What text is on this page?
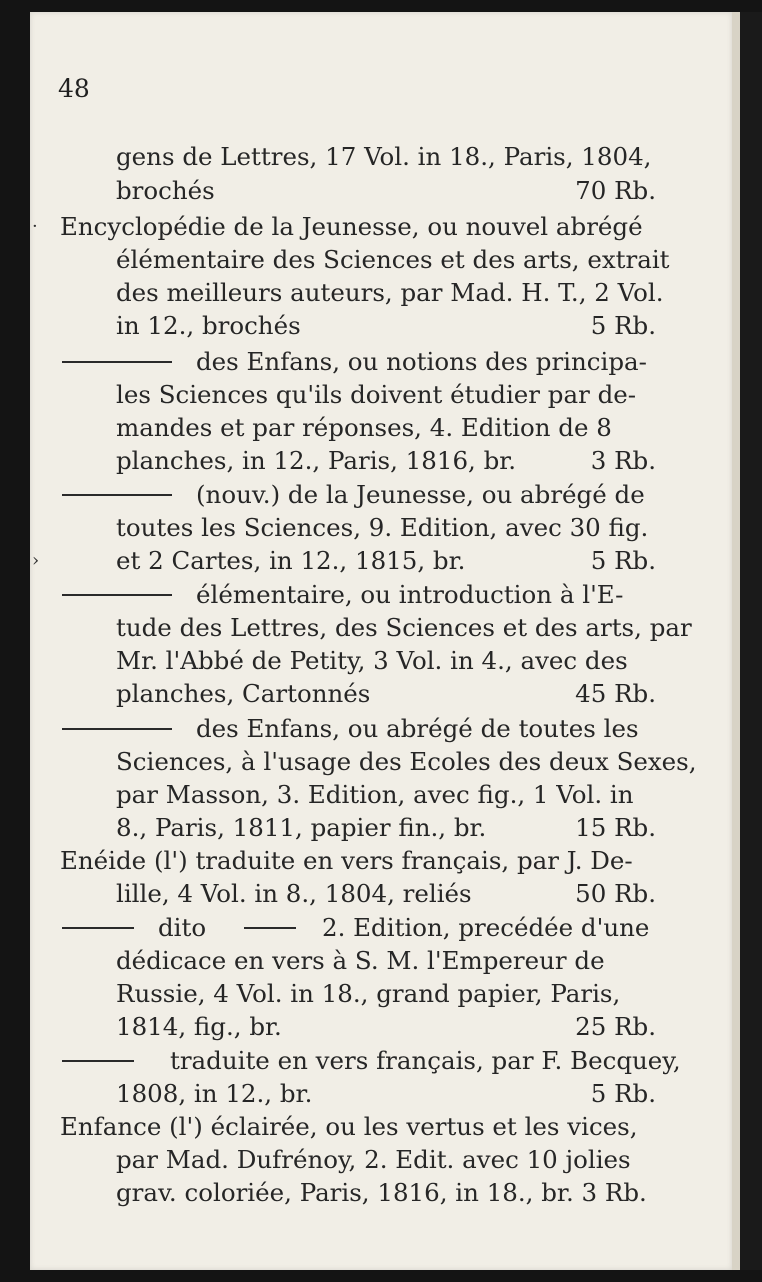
48
gens de Lettres, 17 Vol. in 18., Paris, 1804,
brochés	70 Rb.
· Encyclopédie de la Jeunesse, ou nouvel abrégé
élémentaire des Sciences et des arts, extrait
des meilleurs auteurs, par Mad. H. T., 2 Vol.
in 12., brochés	5 Rb.
des Enfans, ou notions des principa-
les Sciences qu'ils doivent étudier par de-
mandes et par réponses, 4. Edition de 8
planches, in 12., Paris, 1816, br.	3 Rb.
(nouv.) de la Jeunesse, ou abrégé de
toutes les Sciences, 9. Edition, avec 30 fig.
›	et 2 Cartes, in 12., 1815, br.	5 Rb.
élémentaire, ou introduction à l'E-
tude des Lettres, des Sciences et des arts, par
Mr. l'Abbé de Petity, 3 Vol. in 4., avec des
planches, Cartonnés	45 Rb.
des Enfans, ou abrégé de toutes les
Sciences, à l'usage des Ecoles des deux Sexes,
par Masson, 3. Edition, avec fig., 1 Vol. in
8., Paris, 1811, papier fin., br.	15 Rb.
Enéide (l') traduite en vers français, par J. De-
lille, 4 Vol. in 8., 1804, reliés	50 Rb.
dito	2. Edition, precédée d'une
dédicace en vers à S. M. l'Empereur de
Russie, 4 Vol. in 18., grand papier, Paris,
1814, fig., br.	25 Rb.
traduite en vers français, par F. Becquey,
1808, in 12., br.	5 Rb.
Enfance (l') éclairée, ou les vertus et les vices,
par Mad. Dufrénoy, 2. Edit. avec 10 jolies
grav. coloriée, Paris, 1816, in 18., br. 3 Rb.
